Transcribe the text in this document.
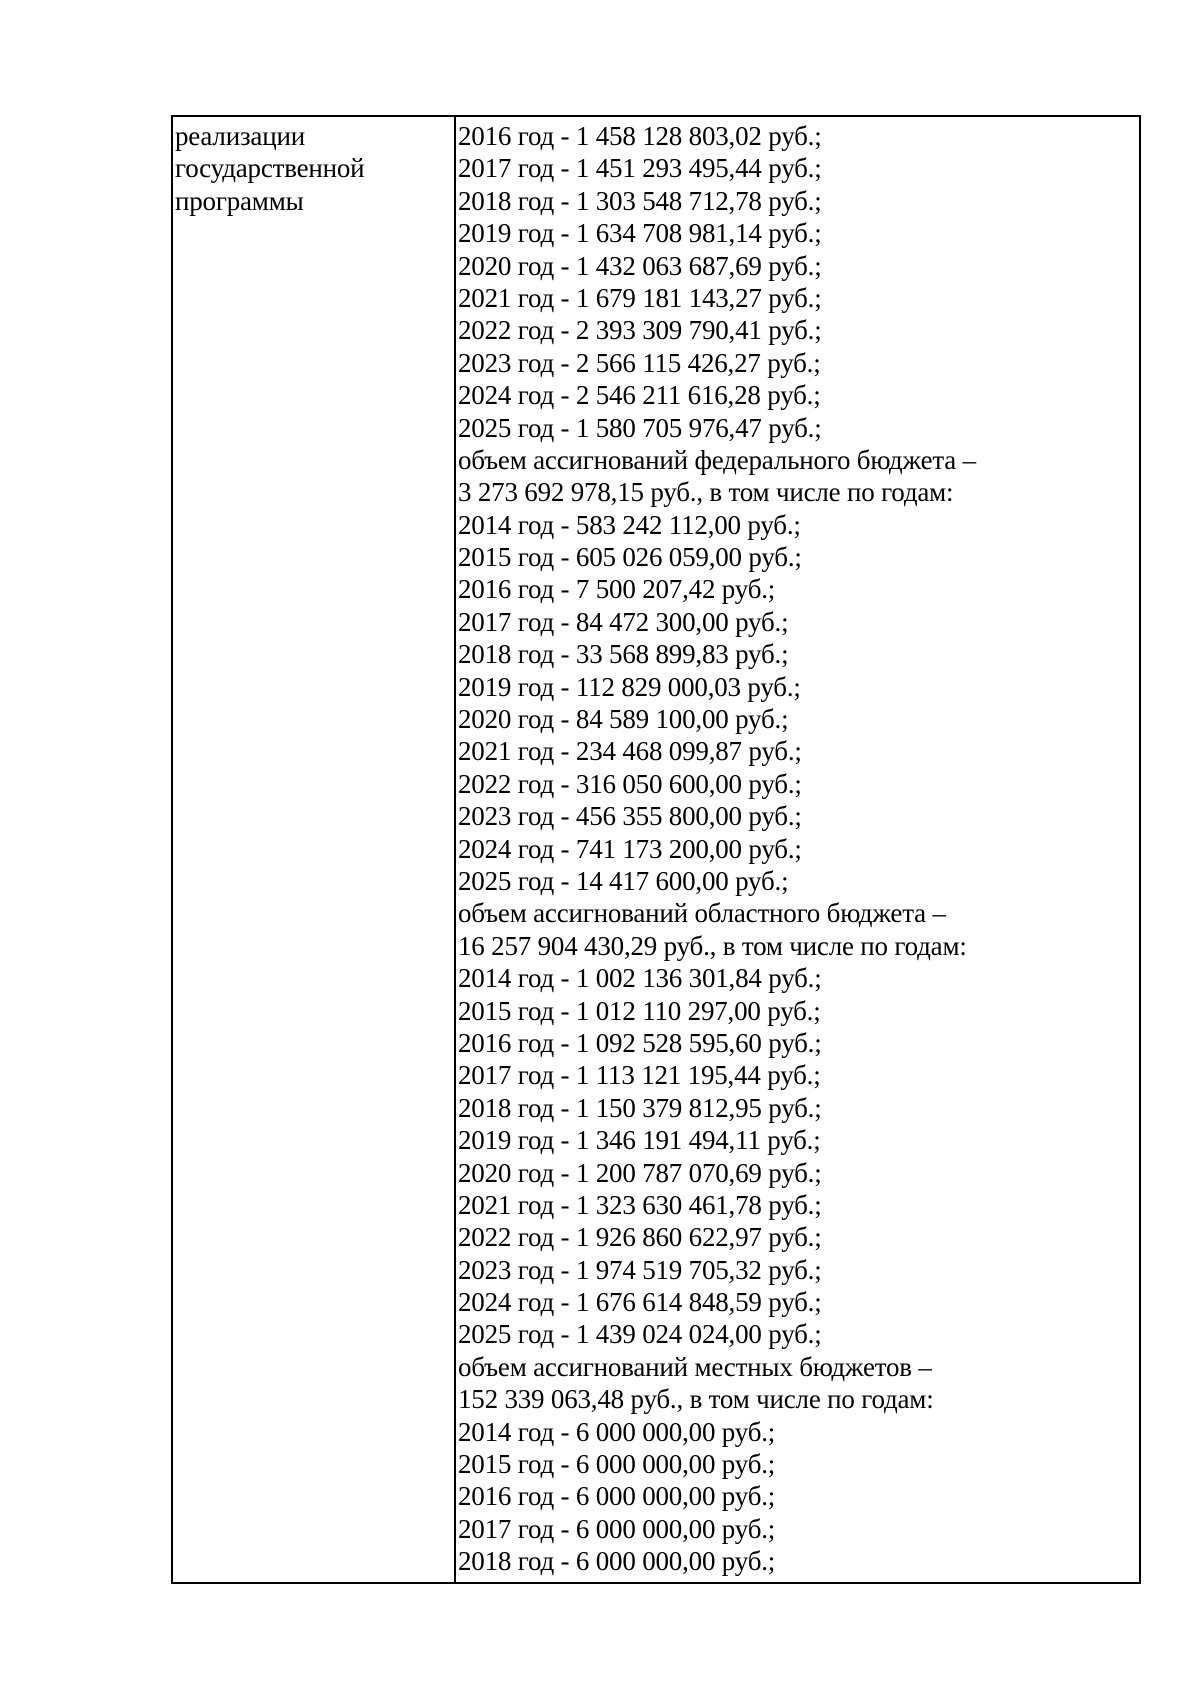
реализации
государственной
программы
2016 год - 1 458 128 803,02 руб.;
2017 год - 1 451 293 495,44 руб.;
2018 год - 1 303 548 712,78 руб.;
2019 год - 1 634 708 981,14 руб.;
2020 год - 1 432 063 687,69 руб.;
2021 год - 1 679 181 143,27 руб.;
2022 год - 2 393 309 790,41 руб.;
2023 год - 2 566 115 426,27 руб.;
2024 год - 2 546 211 616,28 руб.;
2025 год - 1 580 705 976,47 руб.;
объем ассигнований федерального бюджета –
3 273 692 978,15 руб., в том числе по годам:
2014 год - 583 242 112,00 руб.;
2015 год - 605 026 059,00 руб.;
2016 год - 7 500 207,42 руб.;
2017 год - 84 472 300,00 руб.;
2018 год - 33 568 899,83 руб.;
2019 год - 112 829 000,03 руб.;
2020 год - 84 589 100,00 руб.;
2021 год - 234 468 099,87 руб.;
2022 год - 316 050 600,00 руб.;
2023 год - 456 355 800,00 руб.;
2024 год - 741 173 200,00 руб.;
2025 год - 14 417 600,00 руб.;
объем ассигнований областного бюджета –
16 257 904 430,29 руб., в том числе по годам:
2014 год - 1 002 136 301,84 руб.;
2015 год - 1 012 110 297,00 руб.;
2016 год - 1 092 528 595,60 руб.;
2017 год - 1 113 121 195,44 руб.;
2018 год - 1 150 379 812,95 руб.;
2019 год - 1 346 191 494,11 руб.;
2020 год - 1 200 787 070,69 руб.;
2021 год - 1 323 630 461,78 руб.;
2022 год - 1 926 860 622,97 руб.;
2023 год - 1 974 519 705,32 руб.;
2024 год - 1 676 614 848,59 руб.;
2025 год - 1 439 024 024,00 руб.;
объем ассигнований местных бюджетов –
152 339 063,48 руб., в том числе по годам:
2014 год - 6 000 000,00 руб.;
2015 год - 6 000 000,00 руб.;
2016 год - 6 000 000,00 руб.;
2017 год - 6 000 000,00 руб.;
2018 год - 6 000 000,00 руб.;
